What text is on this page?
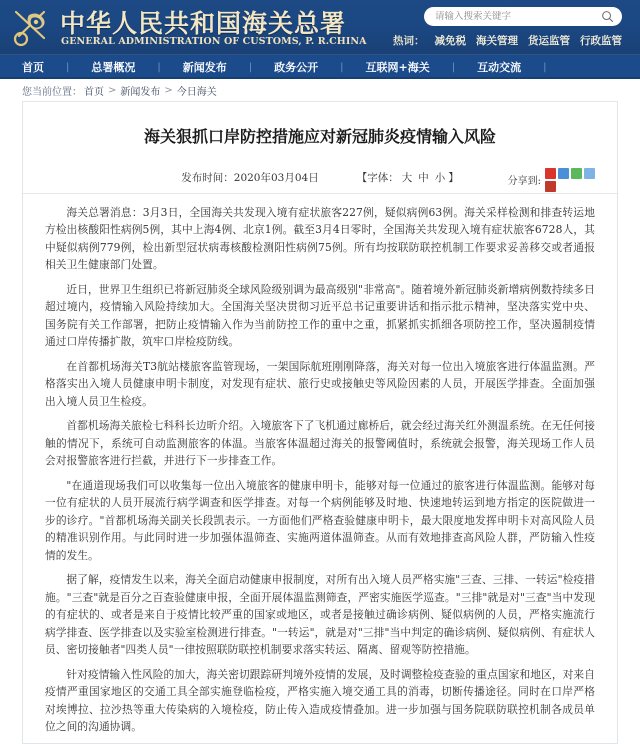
中华人民共和国海关总署
GENERAL ADMINISTRATION OF CUSTOMS, P. R.CHINA
请输入搜索关键字	热词： 减免税 海关管理 货运监管 行政监管
首页 | 总署概况 | 新闻发布 | 政务公开 | 互联网+海关 | 互动交流 |
您当前位置： 首页 > 新闻发布 > 今日海关
海关狠抓口岸防控措施应对新冠肺炎疫情输入风险
发布时间：2020年03月04日	【字体： 大 中 小 】	分享到:

海关总署消息：3月3日，全国海关共发现入境有症状旅客227例，疑似病例63例。海关采样检测和排查转运地方检出核酸阳性病例5例，其中上海4例、北京1例。截至3月4日零时，全国海关共发现入境有症状旅客6728人，其中疑似病例779例，检出新型冠状病毒核酸检测阳性病例75例。所有均按联防联控机制工作要求妥善移交或者通报相关卫生健康部门处置。

近日，世界卫生组织已将新冠肺炎全球风险级别调为最高级别"非常高"。随着境外新冠肺炎新增病例数持续多日超过境内，疫情输入风险持续加大。全国海关坚决贯彻习近平总书记重要讲话和指示批示精神，坚决落实党中央、国务院有关工作部署，把防止疫情输入作为当前防控工作的重中之重，抓紧抓实抓细各项防控工作，坚决遏制疫情通过口岸传播扩散，筑牢口岸检疫防线。

在首都机场海关T3航站楼旅客监管现场，一架国际航班刚刚降落，海关对每一位出入境旅客进行体温监测。严格落实出入境人员健康申明卡制度，对发现有症状、旅行史或接触史等风险因素的人员，开展医学排查。全面加强出入境人员卫生检疫。

首都机场海关旅检七科科长边昕介绍。入境旅客下了飞机通过廊桥后，就会经过海关红外测温系统。在无任何接触的情况下，系统可自动监测旅客的体温。当旅客体温超过海关的报警阈值时，系统就会报警，海关现场工作人员会对报警旅客进行拦截，并进行下一步排查工作。

"在通道现场我们可以收集每一位出入境旅客的健康申明卡，能够对每一位通过的旅客进行体温监测。能够对每一位有症状的人员开展流行病学调查和医学排查。对每一个病例能够及时地、快速地转运到地方指定的医院做进一步的诊疗。"首都机场海关副关长段凯表示。一方面他们严格查验健康申明卡，最大限度地发挥申明卡对高风险人员的精准识别作用。与此同时进一步加强体温筛查、实施两道体温筛查。从而有效地排查高风险人群，严防输入性疫情的发生。

据了解，疫情发生以来，海关全面启动健康申报制度，对所有出入境人员严格实施"三查、三排、一转运"检疫措施。"三查"就是百分之百查验健康申报，全面开展体温监测筛查，严密实施医学巡查。"三排"就是对"三查"当中发现的有症状的、或者是来自于疫情比较严重的国家或地区，或者是接触过确诊病例、疑似病例的人员，严格实施流行病学排查、医学排查以及实验室检测进行排查。"一转运"，就是对"三排"当中判定的确诊病例、疑似病例、有症状人员、密切接触者"四类人员"一律按照联防联控机制要求落实转运、隔离、留观等防控措施。

针对疫情输入性风险的加大，海关密切跟踪研判境外疫情的发展，及时调整检疫查验的重点国家和地区，对来自疫情严重国家地区的交通工具全部实施登临检疫，严格实施入境交通工具的消毒，切断传播途径。同时在口岸严格对埃博拉、拉沙热等重大传染病的入境检疫，防止传入造成疫情叠加。进一步加强与国务院联防联控机制各成员单位之间的沟通协调。
